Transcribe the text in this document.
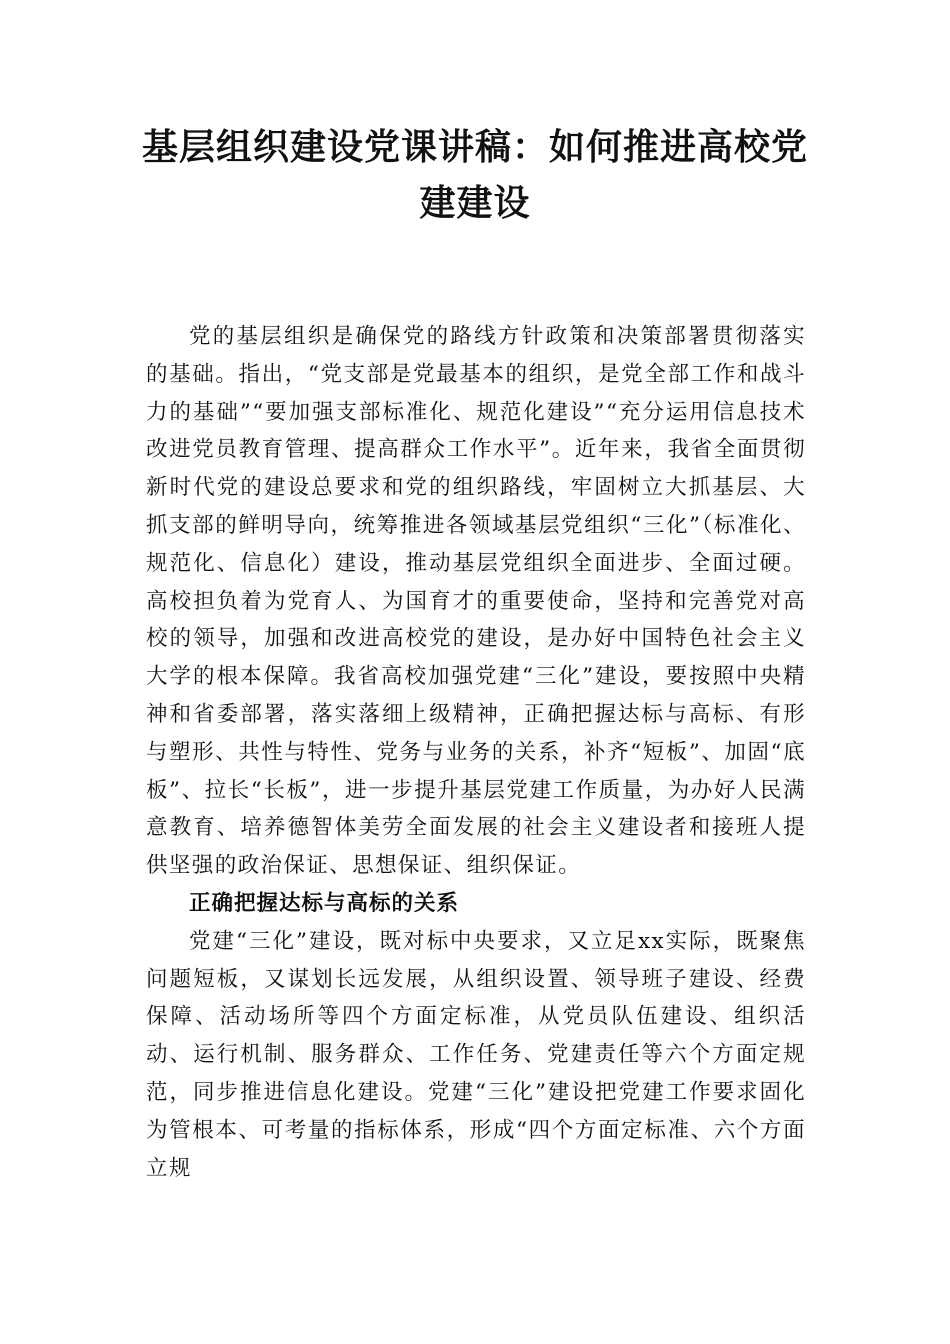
基层组织建设党课讲稿：如何推进高校党
建建设

党的基层组织是确保党的路线方针政策和决策部署贯彻落实的基础。指出，“党支部是党最基本的组织，是党全部工作和战斗力的基础”“要加强支部标准化、规范化建设”“充分运用信息技术改进党员教育管理、提高群众工作水平”。近年来，我省全面贯彻新时代党的建设总要求和党的组织路线，牢固树立大抓基层、大抓支部的鲜明导向，统筹推进各领域基层党组织“三化”（标准化、规范化、信息化）建设，推动基层党组织全面进步、全面过硬。高校担负着为党育人、为国育才的重要使命，坚持和完善党对高校的领导，加强和改进高校党的建设，是办好中国特色社会主义大学的根本保障。我省高校加强党建“三化”建设，要按照中央精神和省委部署，落实落细上级精神，正确把握达标与高标、有形与塑形、共性与特性、党务与业务的关系，补齐“短板”、加固“底板”、拉长“长板”，进一步提升基层党建工作质量，为办好人民满意教育、培养德智体美劳全面发展的社会主义建设者和接班人提供坚强的政治保证、思想保证、组织保证。

正确把握达标与高标的关系

党建“三化”建设，既对标中央要求，又立足xx实际，既聚焦问题短板，又谋划长远发展，从组织设置、领导班子建设、经费保障、活动场所等四个方面定标准，从党员队伍建设、组织活动、运行机制、服务群众、工作任务、党建责任等六个方面定规范，同步推进信息化建设。党建“三化”建设把党建工作要求固化为管根本、可考量的指标体系，形成“四个方面定标准、六个方面立规
